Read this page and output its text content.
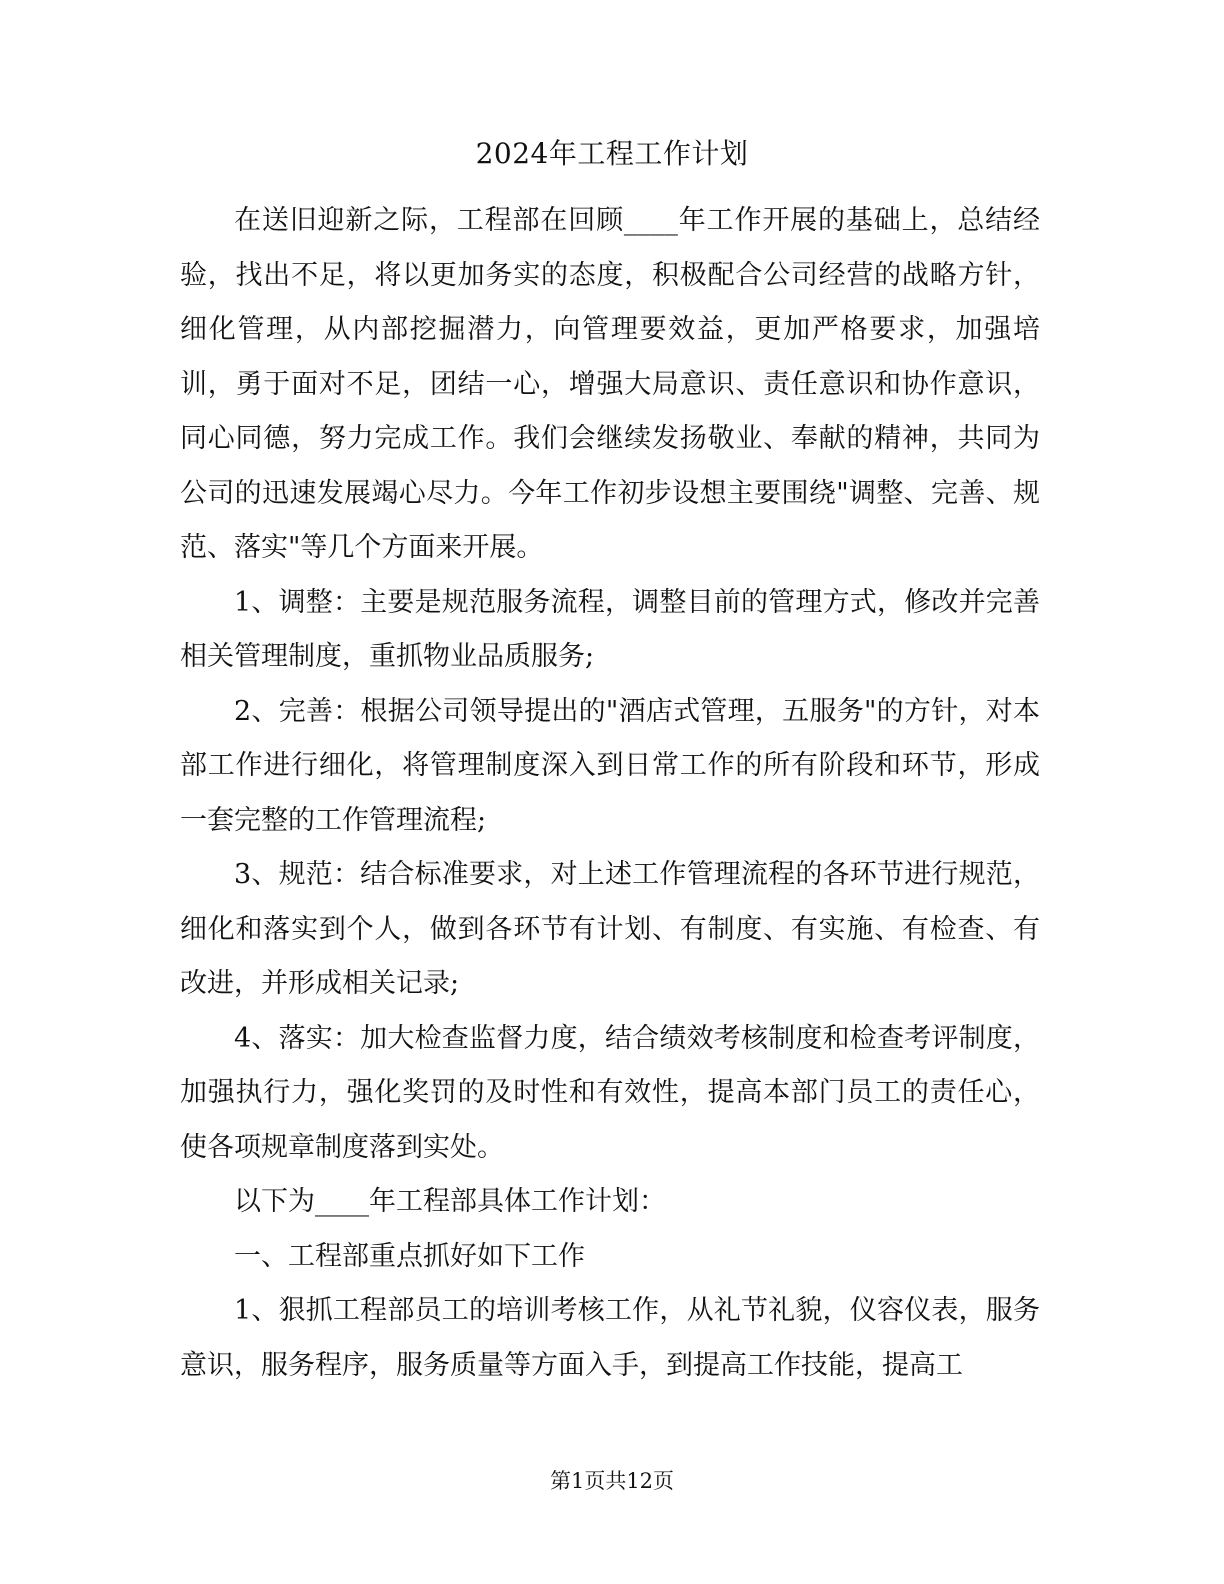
2024年工程工作计划

在送旧迎新之际，工程部在回顾____年工作开展的基础上，总结经验，找出不足，将以更加务实的态度，积极配合公司经营的战略方针，细化管理，从内部挖掘潜力，向管理要效益，更加严格要求，加强培训，勇于面对不足，团结一心，增强大局意识、责任意识和协作意识，同心同德，努力完成工作。我们会继续发扬敬业、奉献的精神，共同为公司的迅速发展竭心尽力。今年工作初步设想主要围绕"调整、完善、规范、落实"等几个方面来开展。

1、调整：主要是规范服务流程，调整目前的管理方式，修改并完善相关管理制度，重抓物业品质服务;

2、完善：根据公司领导提出的"酒店式管理，五服务"的方针，对本部工作进行细化，将管理制度深入到日常工作的所有阶段和环节，形成一套完整的工作管理流程;

3、规范：结合标准要求，对上述工作管理流程的各环节进行规范，细化和落实到个人，做到各环节有计划、有制度、有实施、有检查、有改进，并形成相关记录;

4、落实：加大检查监督力度，结合绩效考核制度和检查考评制度，加强执行力，强化奖罚的及时性和有效性，提高本部门员工的责任心，使各项规章制度落到实处。

以下为____年工程部具体工作计划：

一、工程部重点抓好如下工作

1、狠抓工程部员工的培训考核工作，从礼节礼貌，仪容仪表，服务意识，服务程序，服务质量等方面入手，到提高工作技能，提高工

第1页共12页
